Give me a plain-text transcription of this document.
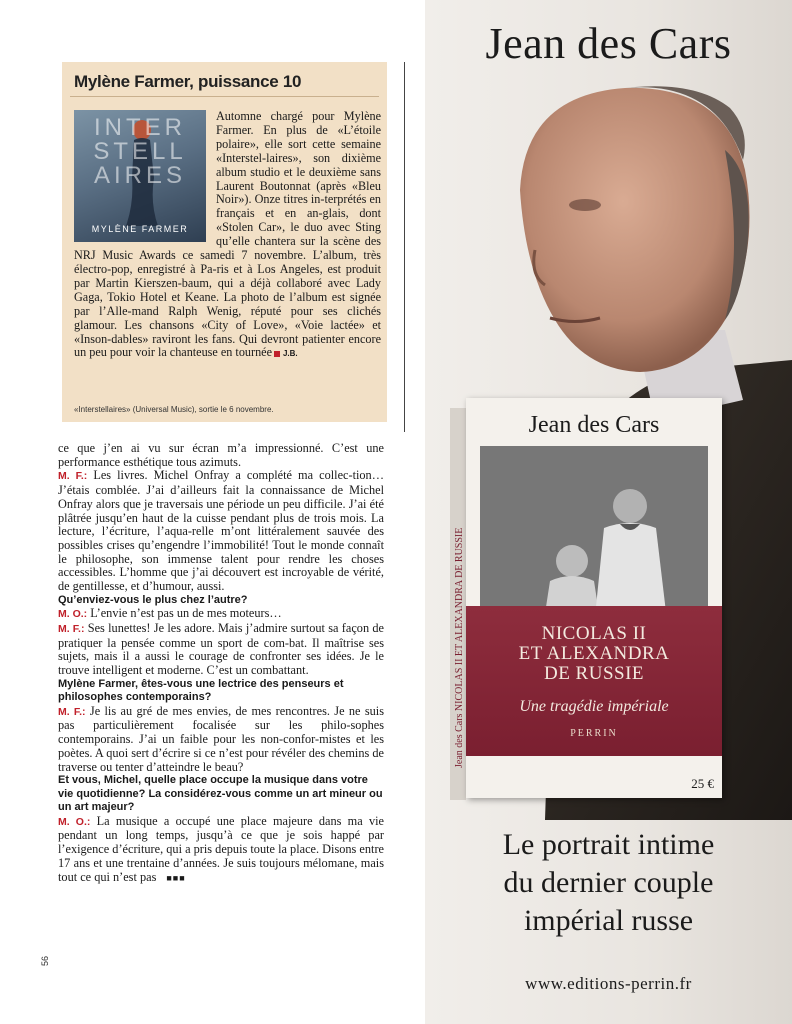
Mylène Farmer, puissance 10
Automne chargé pour Mylène Farmer. En plus de «L’étoile polaire», elle sort cette semaine «Interstel-laires», son dixième album studio et le deuxième sans Laurent Boutonnat (après «Bleu Noir»). Onze titres in-terprétés en français et en an-glais, dont «Stolen Car», le duo avec Sting qu’elle chantera sur la scène des NRJ Music Awards ce samedi 7 novembre. L’album, très électro-pop, enregistré à Pa-ris et à Los Angeles, est produit par Martin Kierszen-baum, qui a déjà collaboré avec Lady Gaga, Tokio Hotel et Keane. La photo de l’album est signée par l’Alle-mand Ralph Wenig, réputé pour ses clichés glamour. Les chansons «City of Love», «Voie lactée» et «Inson-dables» raviront les fans. Qui devront patienter encore un peu pour voir la chanteuse en tournée J.B.
INTER STELL AIRES
MYLÈNE FARMER
«Interstellaires» (Universal Music), sortie le 6 novembre.

ce que j’en ai vu sur écran m’a impressionné. C’est une performance esthétique tous azimuts.

M. F.: Les livres. Michel Onfray a complété ma collec-tion… J’étais comblée. J’ai d’ailleurs fait la connaissance de Michel Onfray alors que je traversais une période un peu difficile. J’ai été plâtrée jusqu’en haut de la cuisse pendant plus de trois mois. La lecture, l’écriture, l’aqua-relle m’ont littéralement sauvée des possibles crises qu’engendre l’immobilité! Tout le monde connaît le philosophe, son immense talent pour rendre les choses accessibles. L’homme que j’ai découvert est incroyable de vérité, de gentillesse, et d’humour, aussi.

Qu’enviez-vous le plus chez l’autre?

M. O.: L’envie n’est pas un de mes moteurs…

M. F.: Ses lunettes! Je les adore. Mais j’admire surtout sa façon de pratiquer la pensée comme un sport de com-bat. Il maîtrise ses sujets, mais il a aussi le courage de confronter ses idées. Je le trouve intelligent et moderne. C’est un combattant.

Mylène Farmer, êtes-vous une lectrice des penseurs et philosophes contemporains?

M. F.: Je lis au gré de mes envies, de mes rencontres. Je ne suis pas particulièrement focalisée sur les philo-sophes contemporains. J’ai un faible pour les non-confor-mistes et les poètes. A quoi sert d’écrire si ce n’est pour révéler des chemins de traverse ou tenter d’atteindre le beau?

Et vous, Michel, quelle place occupe la musique dans votre vie quotidienne? La considérez-vous comme un art mineur ou un art majeur?

M. O.: La musique a occupé une place majeure dans ma vie pendant un long temps, jusqu’à ce que je sois happé par l’exigence d’écriture, qui a pris depuis toute la place. Disons entre 17 ans et une trentaine d’années. Je suis toujours mélomane, mais tout ce qui n’est pas ■■■

56
Jean des Cars
Le portrait intime
du dernier couple
impérial russe
www.editions-perrin.fr
Jean des Cars
NICOLAS II
ET ALEXANDRA
DE RUSSIE
Une tragédie impériale
PERRIN
25 €
Jean des Cars NICOLAS II ET ALEXANDRA DE RUSSIE
